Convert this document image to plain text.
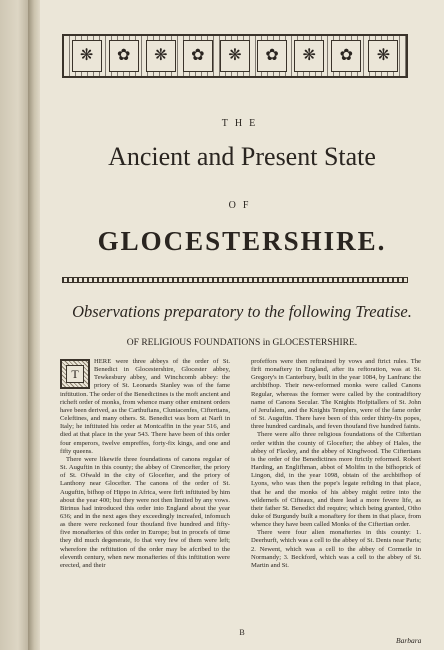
❋	✿	❋	✿	❋	✿	❋	✿	❋
THE
Ancient and Present State
OF
GLOCESTERSHIRE.
Observations preparatory to the following Treatise.
OF RELIGIOUS FOUNDATIONS in GLOCESTERSHIRE.
T

HERE were three abbeys of the order of St. Benedict in Glocestershire, Glocester abbey, Tewkesbury abbey, and Winchcomb abbey: the priory of St. Leonards Stanley was of the fame inftitution. The order of the Benedictines is the moft ancient and richeft order of monks, from whence many other eminent orders have been derived, as the Carthufians, Cluniacenfes, Ciftertians, Celeftines, and many others. St. Benedict was born at Narfi in Italy; he inftituted his order at Montcaffin in the year 516, and died at that place in the year 543. There have been of this order four emperors, twelve empreffes, forty-fix kings, and one and fifty queens.

There were likewife three foundations of canons regular of St. Auguftin in this county; the abbey of Cirencefter, the priory of St. Ofwald in the city of Glocefter, and the priory of Lanthony near Glocefter. The canons of the order of St. Auguftin, bifhop of Hippo in Africa, were firft inftituted by him about the year 400; but they were not then limited by any vows. Birinus had introduced this order into England about the year 636; and in the next ages they exceedingly increafed, infomuch as there were reckoned four thoufand five hundred and fifty-five monafteries of this order in Europe; but in procefs of time they did much degenerate, fo that very few of them were left; wherefore the reftitution of the order may be afcribed to the eleventh century, when new monafteries of this inftitution were erected, and their

profeffors were then reftrained by vows and ftrict rules. The firft monaftery in England, after its reftoration, was at St. Gregory's in Canterbury, built in the year 1084, by Lanfranc the archbifhop. Their new-reformed monks were called Canons Regular, whereas the former were called by the contradiftory name of Canons Secular. The Knights Hofpitallers of St. John of Jerufalem, and the Knights Templers, were of the fame order of St. Auguftin. There have been of this order thirty-fix popes, three hundred cardinals, and feven thoufand five hundred faints.

There were alfo three religious foundations of the Ciftertian order within the county of Glocefter; the abbey of Hales, the abbey of Flaxley, and the abbey of Kingfwood. The Ciftertians is the order of the Benedictines more ftrictly reformed. Robert Harding, an Englifhman, abbot of Molifm in the bifhoprick of Lingon, did, in the year 1098, obtain of the archbifhop of Lyons, who was then the pope's legate refiding in that place, that he and the monks of his abbey might retire into the wildernefs of Cifteaux, and there lead a more fevere life, as their father St. Benedict did require; which being granted, Otho duke of Burgundy built a monaftery for them in that place, from whence they have been called Monks of the Ciftertian order.

There were four alien monafteries in this county: 1. Deerhurft, which was a cell to the abbey of St. Denis near Paris; 2. Newent, which was a cell to the abbey of Cormeile in Normandy; 3. Beckford, which was a cell to the abbey of St. Martin and St.

B
Barbara
